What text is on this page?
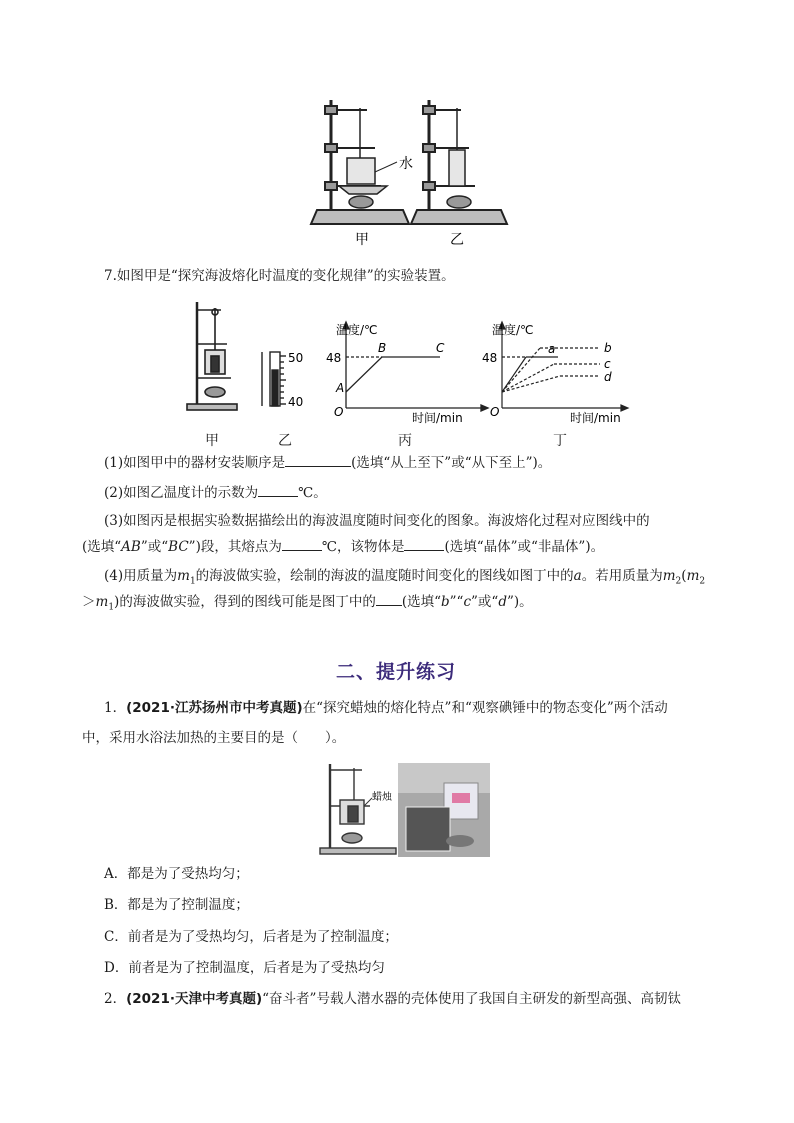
水
甲	乙
7.如图甲是“探究海波熔化时温度的变化规律”的实验装置。
50
40
温度/℃
48
O
A
B	C
时间/min
温度/℃
48
O
a	b
c
d
时间/min
甲	乙	丙	丁
(1)如图甲中的器材安装顺序是	(选填“从上至下”或“从下至上”)。
(2)如图乙温度计的示数为	℃。
(3)如图丙是根据实验数据描绘出的海波温度随时间变化的图象。海波熔化过程对应图线中的
(选填“AB”或“BC”)段，其熔点为	℃，该物体是	(选填“晶体”或“非晶体”)。
(4)用质量为$m_1$的海波做实验，绘制的海波的温度随时间变化的图线如图丁中的a。若用质量为$m_2(m_2$
$>m_1$)的海波做实验，得到的图线可能是图丁中的 (选填“b”“c”或“d”)。
二、提升练习
1．(2021·江苏扬州市中考真题)在“探究蜡烛的熔化特点”和“观察碘锤中的物态变化”两个活动
中，采用水浴法加热的主要目的是（　　）。
蜡烛
A．都是为了受热均匀；
B．都是为了控制温度；
C．前者是为了受热均匀，后者是为了控制温度；
D．前者是为了控制温度，后者是为了受热均匀
2．(2021·天津中考真题)“奋斗者”号载人潜水器的壳体使用了我国自主研发的新型高强、高韧钛
